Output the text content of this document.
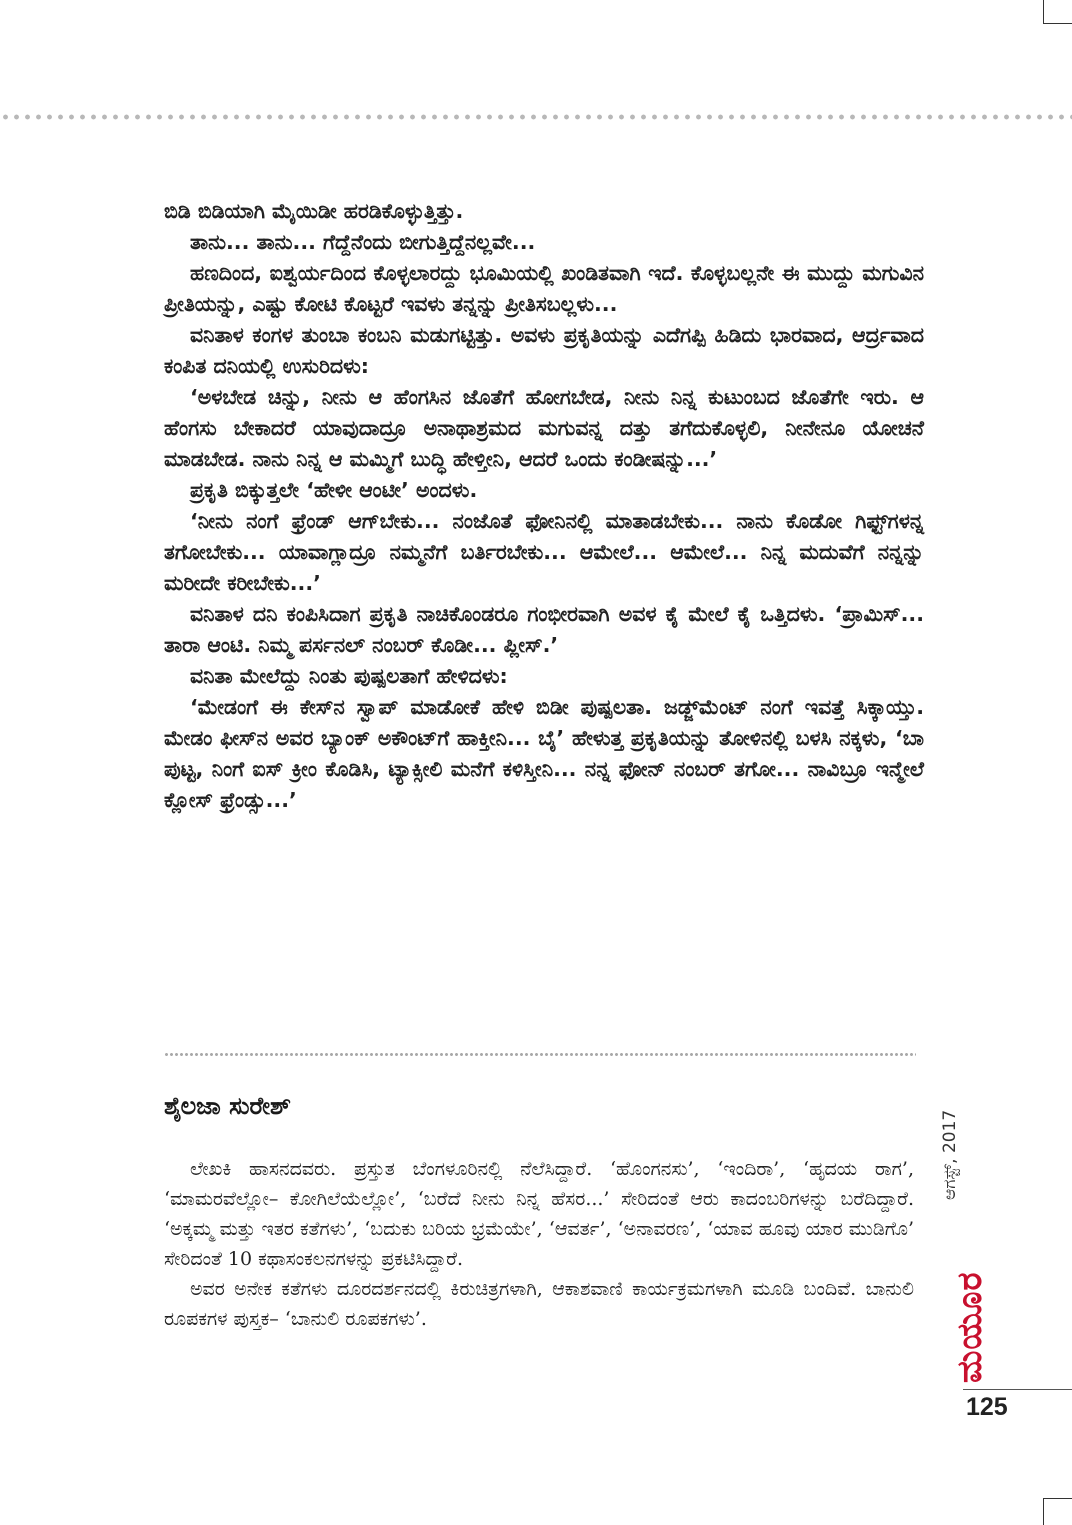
ಬಿಡಿ ಬಿಡಿಯಾಗಿ ಮೈಯಿಡೀ ಹರಡಿಕೊಳ್ಳುತ್ತಿತ್ತು.

ತಾನು... ತಾನು... ಗೆದ್ದೆನೆಂದು ಬೀಗುತ್ತಿದ್ದೆನಲ್ಲವೇ...

ಹಣದಿಂದ, ಐಶ್ವರ್ಯದಿಂದ ಕೊಳ್ಳಲಾರದ್ದು ಭೂಮಿಯಲ್ಲಿ ಖಂಡಿತವಾಗಿ ಇದೆ. ಕೊಳ್ಳಬಲ್ಲನೇ ಈ ಮುದ್ದು ಮಗುವಿನ ಪ್ರೀತಿಯನ್ನು, ಎಷ್ಟು ಕೋಟಿ ಕೊಟ್ಟರೆ ಇವಳು ತನ್ನನ್ನು ಪ್ರೀತಿಸಬಲ್ಲಳು...

ವನಿತಾಳ ಕಂಗಳ ತುಂಬಾ ಕಂಬನಿ ಮಡುಗಟ್ಟಿತ್ತು. ಅವಳು ಪ್ರಕೃತಿಯನ್ನು ಎದೆಗಪ್ಪಿ ಹಿಡಿದು ಭಾರವಾದ, ಆರ್ದ್ರವಾದ ಕಂಪಿತ ದನಿಯಲ್ಲಿ ಉಸುರಿದಳು:

‘ಅಳಬೇಡ ಚಿನ್ನು, ನೀನು ಆ ಹೆಂಗಸಿನ ಜೊತೆಗೆ ಹೋಗಬೇಡ, ನೀನು ನಿನ್ನ ಕುಟುಂಬದ ಜೊತೆಗೇ ಇರು. ಆ ಹೆಂಗಸು ಬೇಕಾದರೆ ಯಾವುದಾದ್ರೂ ಅನಾಥಾಶ್ರಮದ ಮಗುವನ್ನ ದತ್ತು ತಗೆದುಕೊಳ್ಳಲಿ, ನೀನೇನೂ ಯೋಚನೆ ಮಾಡಬೇಡ. ನಾನು ನಿನ್ನ ಆ ಮಮ್ಮಿಗೆ ಬುದ್ಧಿ ಹೇಳ್ತೀನಿ, ಆದರೆ ಒಂದು ಕಂಡೀಷನ್ನು...’

ಪ್ರಕೃತಿ ಬಿಕ್ಕುತ್ತಲೇ ‘ಹೇಳೀ ಆಂಟೀ’ ಅಂದಳು.

‘ನೀನು ನಂಗೆ ಫ್ರೆಂಡ್ ಆಗ್‌ಬೇಕು... ನಂಜೊತೆ ಫೋನಿನಲ್ಲಿ ಮಾತಾಡಬೇಕು... ನಾನು ಕೊಡೋ ಗಿಫ್ಟ್‌ಗಳನ್ನ ತಗೋಬೇಕು... ಯಾವಾಗ್ಲಾದ್ರೂ ನಮ್ಮನೆಗೆ ಬರ್ತಿರಬೇಕು... ಆಮೇಲೆ... ಆಮೇಲೆ... ನಿನ್ನ ಮದುವೆಗೆ ನನ್ನನ್ನು ಮರೀದೇ ಕರೀಬೇಕು...’

ವನಿತಾಳ ದನಿ ಕಂಪಿಸಿದಾಗ ಪ್ರಕೃತಿ ನಾಚಿಕೊಂಡರೂ ಗಂಭೀರವಾಗಿ ಅವಳ ಕೈ ಮೇಲೆ ಕೈ ಒತ್ತಿದಳು. ‘ಪ್ರಾಮಿಸ್... ತಾರಾ ಆಂಟಿ. ನಿಮ್ಮ ಪರ್ಸನಲ್ ನಂಬರ್ ಕೊಡೀ... ಪ್ಲೀಸ್.’

ವನಿತಾ ಮೇಲೆದ್ದು ನಿಂತು ಪುಷ್ಪಲತಾಗೆ ಹೇಳಿದಳು:

‘ಮೇಡಂಗೆ ಈ ಕೇಸ್‌ನ ಸ್ವಾಪ್ ಮಾಡೋಕೆ ಹೇಳಿ ಬಿಡೀ ಪುಷ್ಪಲತಾ. ಜಡ್ಜ್‌ಮೆಂಟ್ ನಂಗೆ ಇವತ್ತೆ ಸಿಕ್ಕಾಯ್ತು. ಮೇಡಂ ಫೀಸ್‌ನ ಅವರ ಬ್ಯಾಂಕ್ ಅಕೌಂಟ್‌ಗೆ ಹಾಕ್ತೀನಿ... ಬೈ’ ಹೇಳುತ್ತ ಪ್ರಕೃತಿಯನ್ನು ತೋಳಿನಲ್ಲಿ ಬಳಸಿ ನಕ್ಕಳು, ‘ಬಾ ಪುಟ್ಟ, ನಿಂಗೆ ಐಸ್ ಕ್ರೀಂ ಕೊಡಿಸಿ, ಟ್ಯಾಕ್ಸೀಲಿ ಮನೆಗೆ ಕಳಿಸ್ತೀನಿ... ನನ್ನ ಫೋನ್ ನಂಬರ್ ತಗೋ... ನಾವಿಬ್ರೂ ಇನ್ಮೇಲೆ ಕ್ಲೋಸ್ ಫ್ರೆಂಡ್ಸು...’

ಶೈಲಜಾ ಸುರೇಶ್

ಲೇಖಕಿ ಹಾಸನದವರು. ಪ್ರಸ್ತುತ ಬೆಂಗಳೂರಿನಲ್ಲಿ ನೆಲೆಸಿದ್ದಾರೆ. ‘ಹೊಂಗನಸು’, ‘ಇಂದಿರಾ’, ‘ಹೃದಯ ರಾಗ’, ‘ಮಾಮರವೆಲ್ಲೋ– ಕೋಗಿಲೆಯೆಲ್ಲೋ’, ‘ಬರೆದೆ ನೀನು ನಿನ್ನ ಹೆಸರ...’ ಸೇರಿದಂತೆ ಆರು ಕಾದಂಬರಿಗಳನ್ನು ಬರೆದಿದ್ದಾರೆ. ‘ಅಕ್ಕಮ್ಮ ಮತ್ತು ಇತರ ಕತೆಗಳು’, ‘ಬದುಕು ಬರಿಯ ಭ್ರಮೆಯೇ’, ‘ಆವರ್ತ’, ‘ಅನಾವರಣ’, ‘ಯಾವ ಹೂವು ಯಾರ ಮುಡಿಗೊ’ ಸೇರಿದಂತೆ 10 ಕಥಾಸಂಕಲನಗಳನ್ನು ಪ್ರಕಟಿಸಿದ್ದಾರೆ.

ಅವರ ಅನೇಕ ಕತೆಗಳು ದೂರದರ್ಶನದಲ್ಲಿ ಕಿರುಚಿತ್ರಗಳಾಗಿ, ಆಕಾಶವಾಣಿ ಕಾರ್ಯಕ್ರಮಗಳಾಗಿ ಮೂಡಿ ಬಂದಿವೆ. ಬಾನುಲಿ ರೂಪಕಗಳ ಪುಸ್ತಕ– ‘ಬಾನುಲಿ ರೂಪಕಗಳು’.

ಆಗಸ್ಟ್, 2017
ಮಯೂರ
125
